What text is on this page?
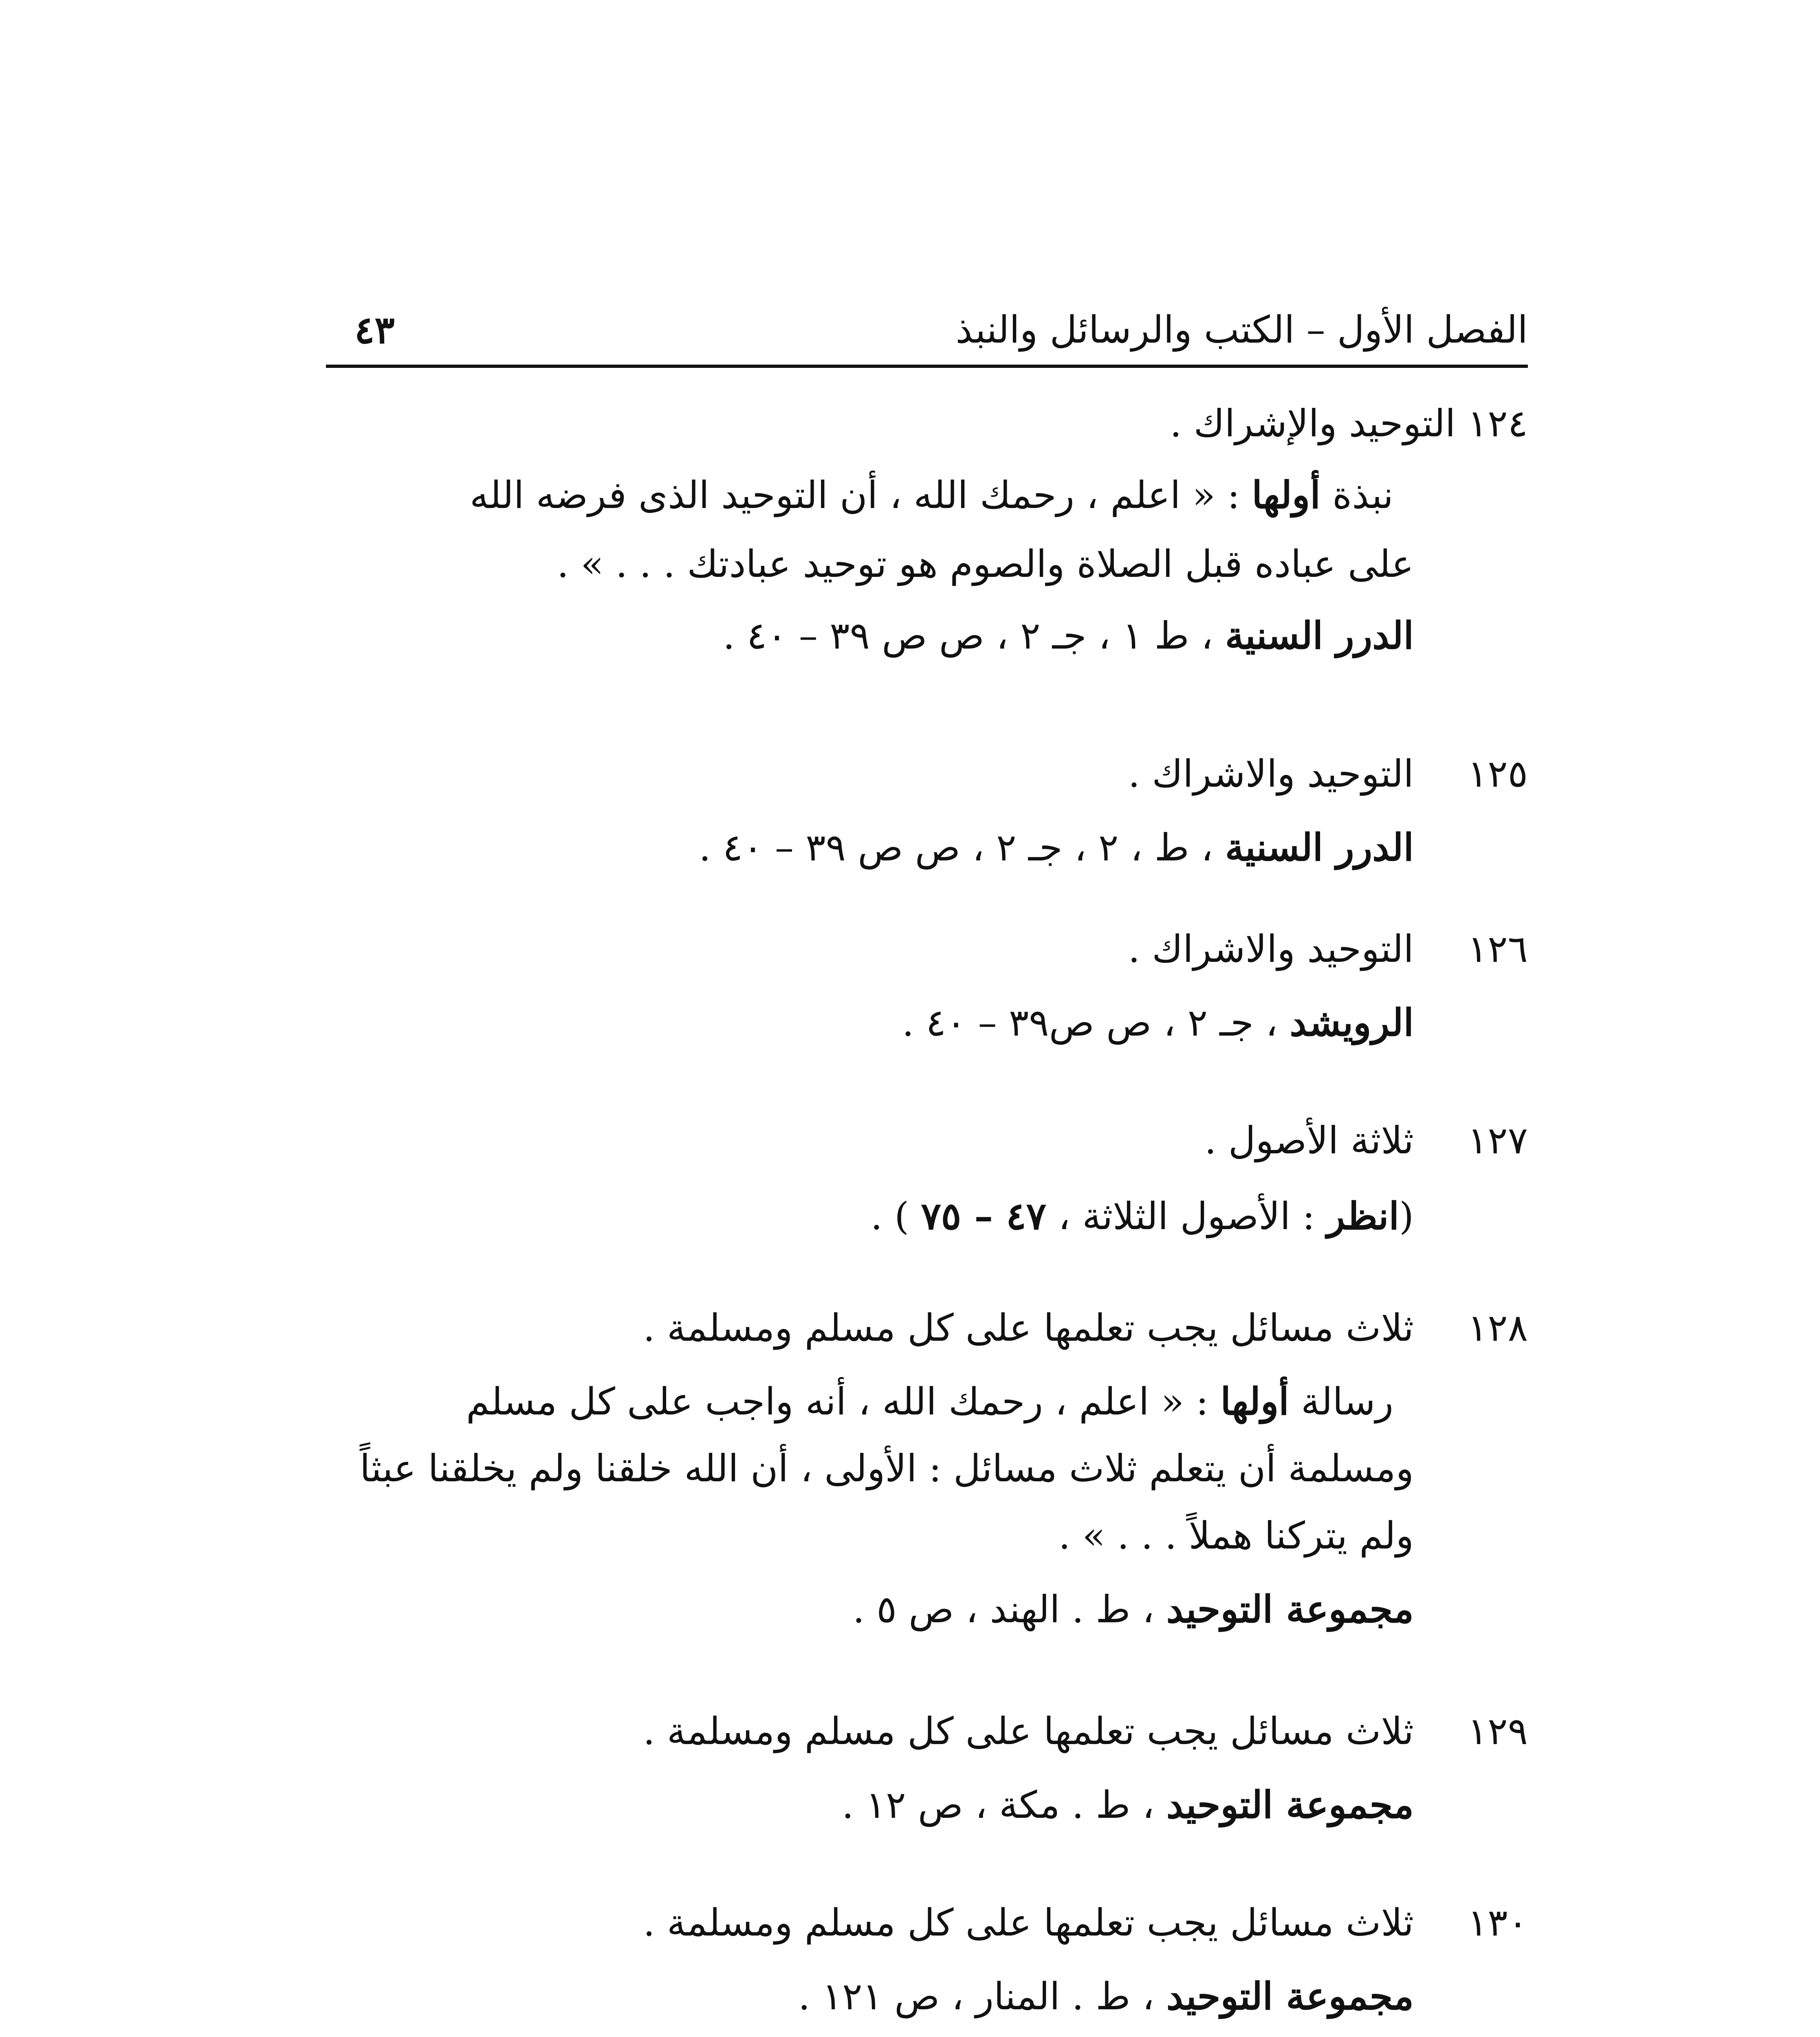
الفصل الأول – الكتب والرسائل والنبذ
٤٣
١٢٤ التوحيد والإشراك .
نبذة أولها : « اعلم ، رحمك الله ، أن التوحيد الذى فرضه الله
على عباده قبل الصلاة والصوم هو توحيد عبادتك . . . » .
الدرر السنية ، ط ١ ، جـ ٢ ، ص ص ٣٩ – ٤٠ .
١٢٥
التوحيد والاشراك .
الدرر السنية ، ط ، ٢ ، جـ ٢ ، ص ص ٣٩ – ٤٠ .
١٢٦
التوحيد والاشراك .
الرويشد ، جـ ٢ ، ص ص٣٩ – ٤٠ .
١٢٧
ثلاثة الأصول .
(انظر : الأصول الثلاثة ، ٤٧ – ٧٥ ) .
١٢٨
ثلاث مسائل يجب تعلمها على كل مسلم ومسلمة .
رسالة أولها : « اعلم ، رحمك الله ، أنه واجب على كل مسلم
ومسلمة أن يتعلم ثلاث مسائل : الأولى ، أن الله خلقنا ولم يخلقنا عبثاً
ولم يتركنا هملاً . . . » .
مجموعة التوحيد ، ط . الهند ، ص ٥ .
١٢٩
ثلاث مسائل يجب تعلمها على كل مسلم ومسلمة .
مجموعة التوحيد ، ط . مكة ، ص ١٢ .
١٣٠
ثلاث مسائل يجب تعلمها على كل مسلم ومسلمة .
مجموعة التوحيد ، ط . المنار ، ص ١٢١ .
